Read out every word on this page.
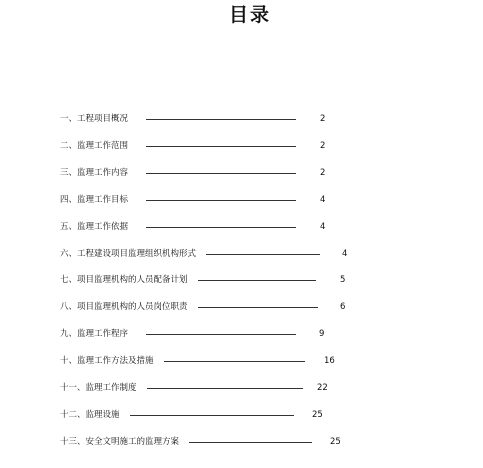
目录
一、工程项目概况	2
二、监理工作范围	2
三、监理工作内容	2
四、监理工作目标	4
五、监理工作依据	4
六、工程建设项目监理组织机构形式	4
七、项目监理机构的人员配备计划	5
八、项目监理机构的人员岗位职责	6
九、监理工作程序	9
十、监理工作方法及措施	16
十一、监理工作制度	22
十二、监理设施	25
十三、安全文明施工的监理方案	25
